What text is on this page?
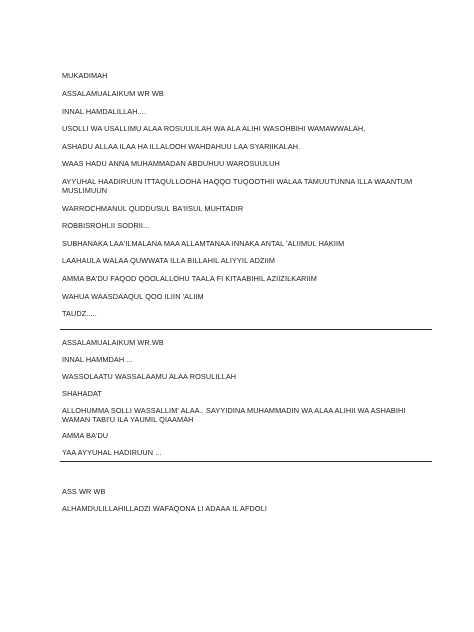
MUKADIMAH

ASSALAMUALAIKUM WR WB

INNAL HAMDALILLAH....

USOLLI WA USALLIMU ALAA ROSUULILAH WA ALA ALIHI WASOHBIHI WAMAWWALAH,

ASHADU ALLAA ILAA HA ILLALOOH WAHDAHUU LAA SYARIIKALAH.

WAAS HADU ANNA MUHAMMADAN ABDUHUU WAROSUULUH

AYYUHAL HAADIRUUN ITTAQULLOOHA HAQQO TUQOOTHII WALAA TAMUUTUNNA ILLA WAANTUM MUSLIMUUN

WARROCHMANUL QUDDUSUL BA'IISUL MUHTADIR

ROBBISROHLII SODRII...

SUBHANAKA LAA'ILMALANA MAA ALLAMTANAA INNAKA ANTAL 'ALIIMUL HAKIIM

LAAHAULA WALAA QUWWATA ILLA BILLAHIL ALIYYIL ADZIIM

AMMA BA'DU FAQOD QOOLALLOHU TAALA FI KITAABIHIL AZIIZILKARIIM

WAHUA WAASDAAQUL QOO ILIIN 'ALIIM

TAUDZ.....

ASSALAMUALAIKUM WR.WB

INNAL HAMMDAH ...

WASSOLAATU WASSALAAMU ALAA ROSULILLAH

SHAHADAT

ALLOHUMMA SOLLI WASSALLIM' ALAA.. SAYYIDINA MUHAMMADIN WA ALAA ALIHII WA ASHABIHI WAMAN TABI'U ILA YAUMIL QIAAMAH

AMMA BA'DU

YAA AYYUHAL HADIRUUN ...

ASS WR WB

ALHAMDULILLAHILLADZI WAFAQONA LI ADAAA IL AFDOLI
